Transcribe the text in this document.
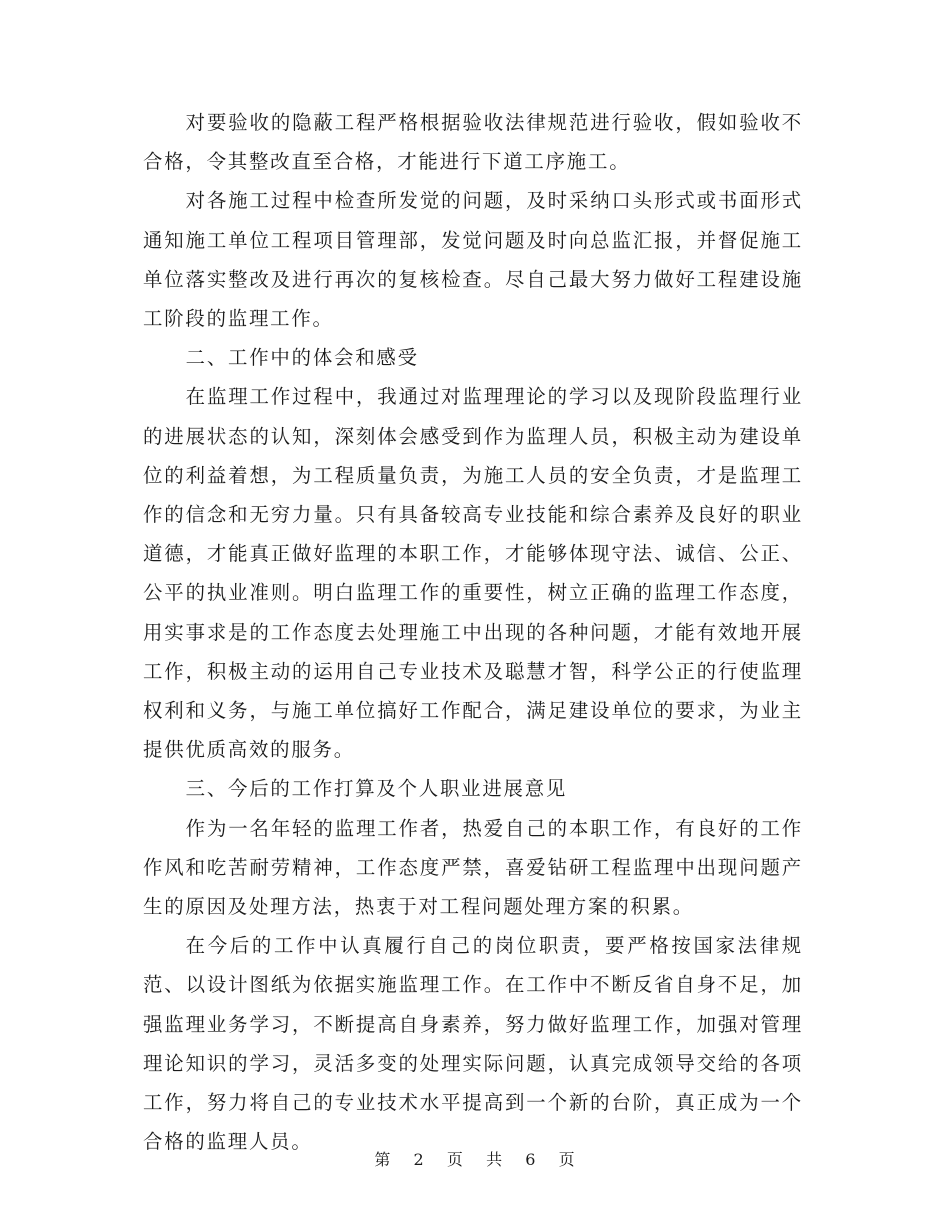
对要验收的隐蔽工程严格根据验收法律规范进行验收，假如验收不合格，令其整改直至合格，才能进行下道工序施工。

对各施工过程中检查所发觉的问题，及时采纳口头形式或书面形式通知施工单位工程项目管理部，发觉问题及时向总监汇报，并督促施工单位落实整改及进行再次的复核检查。尽自己最大努力做好工程建设施工阶段的监理工作。

二、工作中的体会和感受

在监理工作过程中，我通过对监理理论的学习以及现阶段监理行业的进展状态的认知，深刻体会感受到作为监理人员，积极主动为建设单位的利益着想，为工程质量负责，为施工人员的安全负责，才是监理工作的信念和无穷力量。只有具备较高专业技能和综合素养及良好的职业道德，才能真正做好监理的本职工作，才能够体现守法、诚信、公正、公平的执业准则。明白监理工作的重要性，树立正确的监理工作态度，用实事求是的工作态度去处理施工中出现的各种问题，才能有效地开展工作，积极主动的运用自己专业技术及聪慧才智，科学公正的行使监理权利和义务，与施工单位搞好工作配合，满足建设单位的要求，为业主提供优质高效的服务。

三、今后的工作打算及个人职业进展意见

作为一名年轻的监理工作者，热爱自己的本职工作，有良好的工作作风和吃苦耐劳精神，工作态度严禁，喜爱钻研工程监理中出现问题产生的原因及处理方法，热衷于对工程问题处理方案的积累。

在今后的工作中认真履行自己的岗位职责，要严格按国家法律规范、以设计图纸为依据实施监理工作。在工作中不断反省自身不足，加强监理业务学习，不断提高自身素养，努力做好监理工作，加强对管理理论知识的学习，灵活多变的处理实际问题，认真完成领导交给的各项工作，努力将自己的专业技术水平提高到一个新的台阶，真正成为一个合格的监理人员。

第 2 页 共 6 页
